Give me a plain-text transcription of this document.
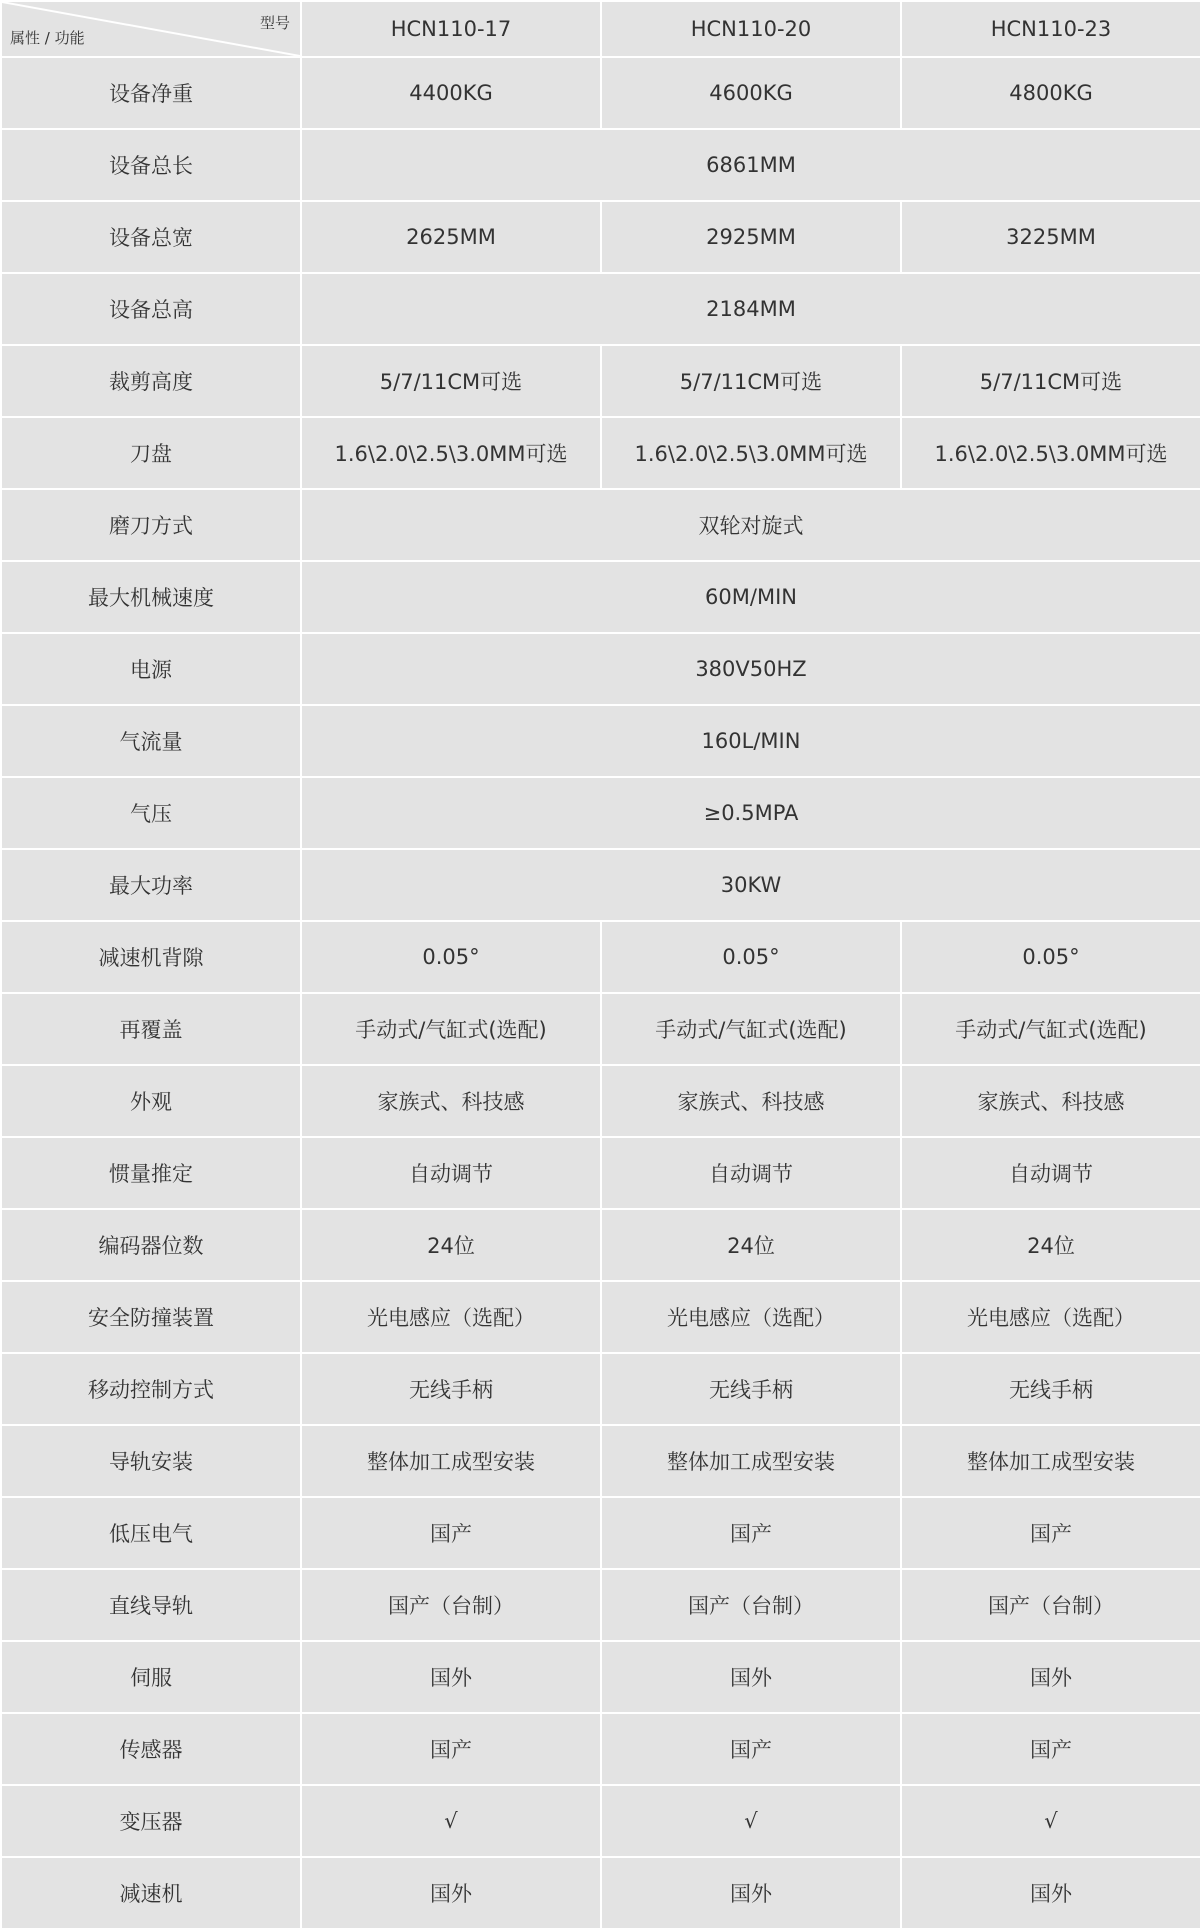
型号
属性 / 功能	HCN110-17	HCN110-20	HCN110-23
设备净重	4400KG	4600KG	4800KG
设备总长	6861MM		
设备总宽	2625MM	2925MM	3225MM
设备总高	2184MM		
裁剪高度	5/7/11CM可选	5/7/11CM可选	5/7/11CM可选
刀盘	1.6\2.0\2.5\3.0MM可选	1.6\2.0\2.5\3.0MM可选	1.6\2.0\2.5\3.0MM可选
磨刀方式	双轮对旋式		
最大机械速度	60M/MIN		
电源	380V50HZ		
气流量	160L/MIN		
气压	≥0.5MPA		
最大功率	30KW		
减速机背隙	0.05°	0.05°	0.05°
再覆盖	手动式/气缸式(选配)	手动式/气缸式(选配)	手动式/气缸式(选配)
外观	家族式、科技感	家族式、科技感	家族式、科技感
惯量推定	自动调节	自动调节	自动调节
编码器位数	24位	24位	24位
安全防撞装置	光电感应（选配）	光电感应（选配）	光电感应（选配）
移动控制方式	无线手柄	无线手柄	无线手柄
导轨安装	整体加工成型安装	整体加工成型安装	整体加工成型安装
低压电气	国产	国产	国产
直线导轨	国产（台制）	国产（台制）	国产（台制）
伺服	国外	国外	国外
传感器	国产	国产	国产
变压器	√	√	√
减速机	国外	国外	国外
